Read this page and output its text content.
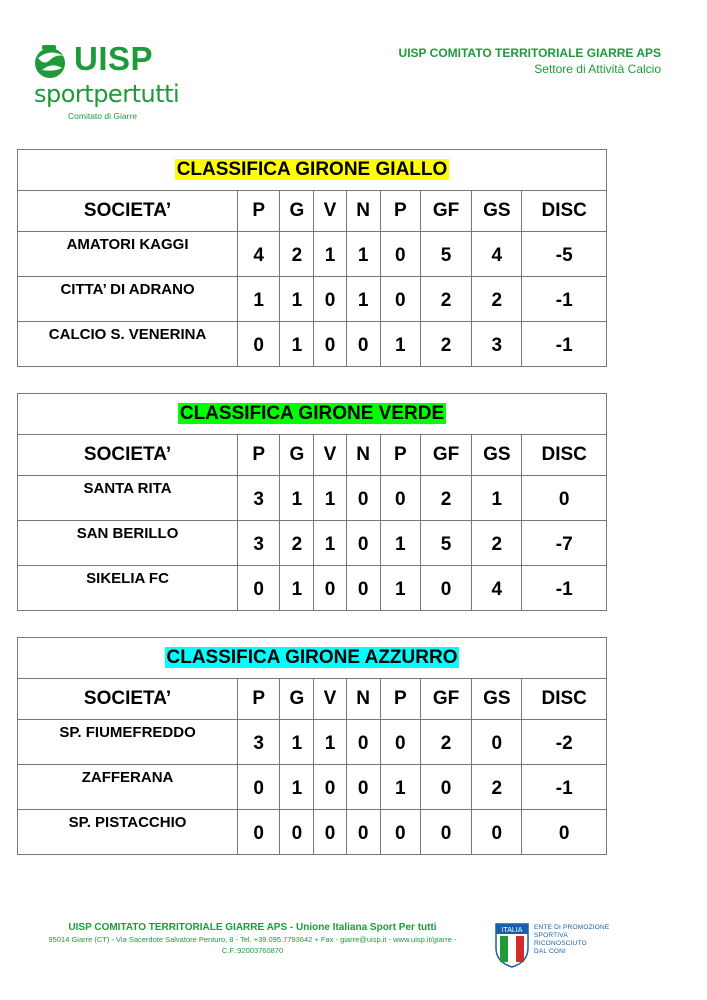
UISP
sportpertutti
Comitato di Giarre
UISP COMITATO TERRITORIALE GIARRE APS
Settore di Attività Calcio
CLASSIFICA GIRONE GIALLO								
SOCIETA’	P	G	V	N	P	GF	GS	DISC
AMATORI KAGGI	4	2	1	1	0	5	4	-5
CITTA’ DI ADRANO	1	1	0	1	0	2	2	-1
CALCIO S. VENERINA	0	1	0	0	1	2	3	-1
CLASSIFICA GIRONE VERDE								
SOCIETA’	P	G	V	N	P	GF	GS	DISC
SANTA RITA	3	1	1	0	0	2	1	0
SAN BERILLO	3	2	1	0	1	5	2	-7
SIKELIA FC	0	1	0	0	1	0	4	-1
CLASSIFICA GIRONE AZZURRO								
SOCIETA’	P	G	V	N	P	GF	GS	DISC
SP. FIUMEFREDDO	3	1	1	0	0	2	0	-2
ZAFFERANA	0	1	0	0	1	0	2	-1
SP. PISTACCHIO	0	0	0	0	0	0	0	0
UISP COMITATO TERRITORIALE GIARRE APS - Unione Italiana Sport Per tutti
95014 Giarre (CT) - Via Sacerdote Salvatore Penturo, 8 - Tel. +39.095.7793642 + Fax - giarre@uisp.it - www.uisp.it/giarre -
C.F.:92003760870
ITALIA ENTE DI PROMOZIONE
SPORTIVA
RICONOSCIUTO
DAL CONI
